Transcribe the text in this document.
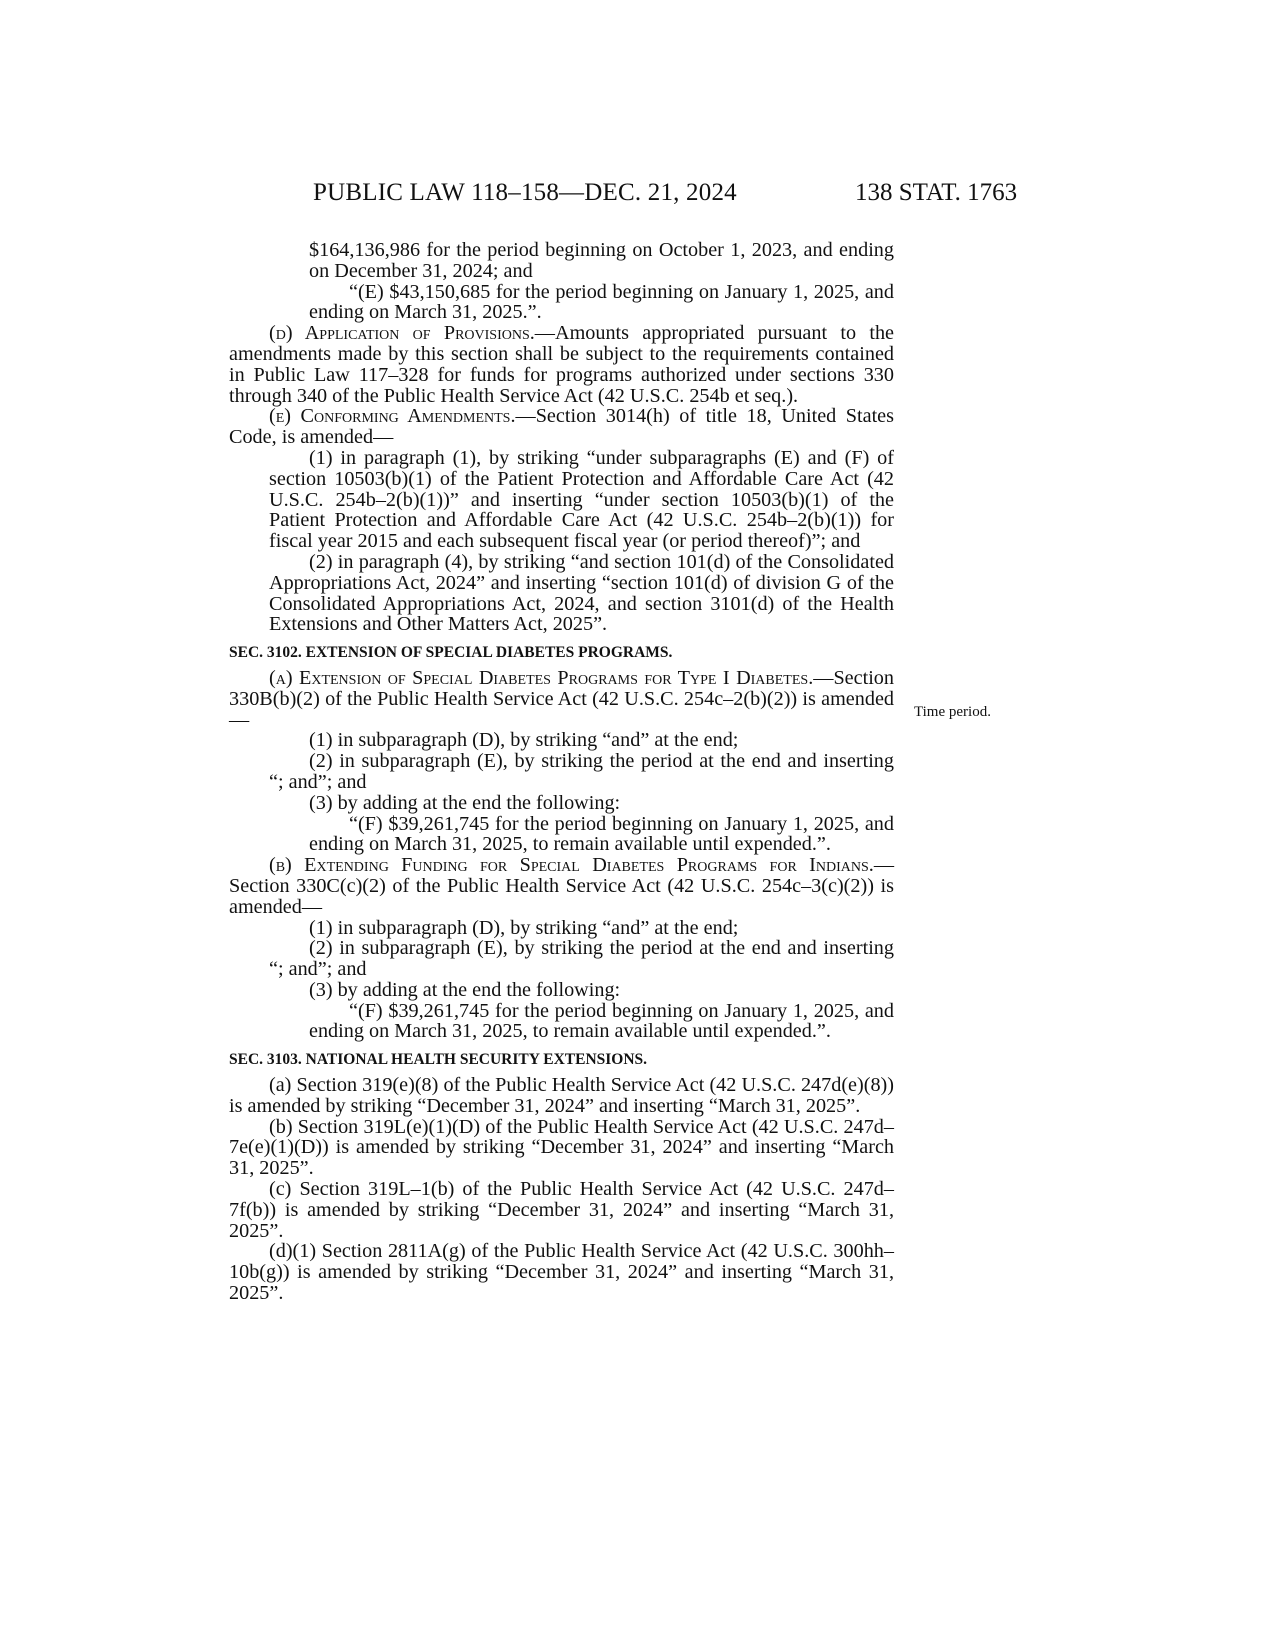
PUBLIC LAW 118–158—DEC. 21, 2024	138 STAT. 1763
Time period.

$164,136,986 for the period beginning on October 1, 2023, and ending on December 31, 2024; and

“(E) $43,150,685 for the period beginning on January 1, 2025, and ending on March 31, 2025.”.

(d) Application of Provisions.—Amounts appropriated pursuant to the amendments made by this section shall be subject to the requirements contained in Public Law 117–328 for funds for programs authorized under sections 330 through 340 of the Public Health Service Act (42 U.S.C. 254b et seq.).

(e) Conforming Amendments.—Section 3014(h) of title 18, United States Code, is amended—

(1) in paragraph (1), by striking “under subparagraphs (E) and (F) of section 10503(b)(1) of the Patient Protection and Affordable Care Act (42 U.S.C. 254b–2(b)(1))” and inserting “under section 10503(b)(1) of the Patient Protection and Affordable Care Act (42 U.S.C. 254b–2(b)(1)) for fiscal year 2015 and each subsequent fiscal year (or period thereof)”; and

(2) in paragraph (4), by striking “and section 101(d) of the Consolidated Appropriations Act, 2024” and inserting “section 101(d) of division G of the Consolidated Appropriations Act, 2024, and section 3101(d) of the Health Extensions and Other Matters Act, 2025”.

SEC. 3102. EXTENSION OF SPECIAL DIABETES PROGRAMS.

(a) Extension of Special Diabetes Programs for Type I Diabetes.—Section 330B(b)(2) of the Public Health Service Act (42 U.S.C. 254c–2(b)(2)) is amended—

(1) in subparagraph (D), by striking “and” at the end;

(2) in subparagraph (E), by striking the period at the end and inserting “; and”; and

(3) by adding at the end the following:

“(F) $39,261,745 for the period beginning on January 1, 2025, and ending on March 31, 2025, to remain available until expended.”.

(b) Extending Funding for Special Diabetes Programs for Indians.—Section 330C(c)(2) of the Public Health Service Act (42 U.S.C. 254c–3(c)(2)) is amended—

(1) in subparagraph (D), by striking “and” at the end;

(2) in subparagraph (E), by striking the period at the end and inserting “; and”; and

(3) by adding at the end the following:

“(F) $39,261,745 for the period beginning on January 1, 2025, and ending on March 31, 2025, to remain available until expended.”.

SEC. 3103. NATIONAL HEALTH SECURITY EXTENSIONS.

(a) Section 319(e)(8) of the Public Health Service Act (42 U.S.C. 247d(e)(8)) is amended by striking “December 31, 2024” and inserting “March 31, 2025”.

(b) Section 319L(e)(1)(D) of the Public Health Service Act (42 U.S.C. 247d–7e(e)(1)(D)) is amended by striking “December 31, 2024” and inserting “March 31, 2025”.

(c) Section 319L–1(b) of the Public Health Service Act (42 U.S.C. 247d–7f(b)) is amended by striking “December 31, 2024” and inserting “March 31, 2025”.

(d)(1) Section 2811A(g) of the Public Health Service Act (42 U.S.C. 300hh–10b(g)) is amended by striking “December 31, 2024” and inserting “March 31, 2025”.
